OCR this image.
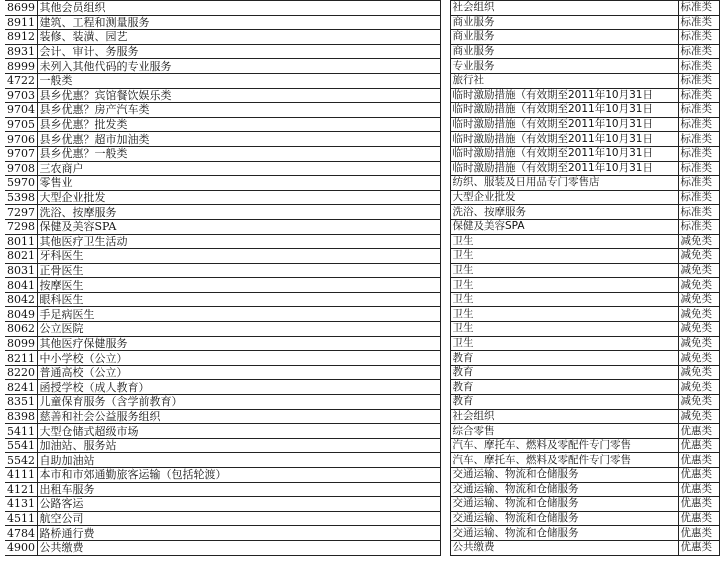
8699	其他会员组织		社会组织	标准类
8911	建筑、工程和测量服务		商业服务	标准类
8912	装修、装潢、园艺		商业服务	标准类
8931	会计、审计、务服务		商业服务	标准类
8999	未列入其他代码的专业服务		专业服务	标准类
4722	一般类		旅行社	标准类
9703	县乡优惠？宾馆餐饮娱乐类		临时激励措施（有效期至2011年10月31日	标准类
9704	县乡优惠？房产汽车类		临时激励措施（有效期至2011年10月31日	标准类
9705	县乡优惠？批发类		临时激励措施（有效期至2011年10月31日	标准类
9706	县乡优惠？超市加油类		临时激励措施（有效期至2011年10月31日	标准类
9707	县乡优惠？一般类		临时激励措施（有效期至2011年10月31日	标准类
9708	三农商户		临时激励措施（有效期至2011年10月31日	标准类
5970	零售业		纺织、服装及日用品专门零售店	标准类
5398	大型企业批发		大型企业批发	标准类
7297	洗浴、按摩服务		洗浴、按摩服务	标准类
7298	保健及美容SPA		保健及美容SPA	标准类
8011	其他医疗卫生活动		卫生	减免类
8021	牙科医生		卫生	减免类
8031	正骨医生		卫生	减免类
8041	按摩医生		卫生	减免类
8042	眼科医生		卫生	减免类
8049	手足病医生		卫生	减免类
8062	公立医院		卫生	减免类
8099	其他医疗保健服务		卫生	减免类
8211	中小学校（公立）		教育	减免类
8220	普通高校（公立）		教育	减免类
8241	函授学校（成人教育）		教育	减免类
8351	儿童保育服务（含学前教育）		教育	减免类
8398	慈善和社会公益服务组织		社会组织	减免类
5411	大型仓储式超级市场		综合零售	优惠类
5541	加油站、服务站		汽车、摩托车、燃料及零配件专门零售	优惠类
5542	自助加油站		汽车、摩托车、燃料及零配件专门零售	优惠类
4111	本市和市郊通勤旅客运输（包括轮渡）		交通运输、物流和仓储服务	优惠类
4121	出租车服务		交通运输、物流和仓储服务	优惠类
4131	公路客运		交通运输、物流和仓储服务	优惠类
4511	航空公司		交通运输、物流和仓储服务	优惠类
4784	路桥通行费		交通运输、物流和仓储服务	优惠类
4900	公共缴费		公共缴费	优惠类
